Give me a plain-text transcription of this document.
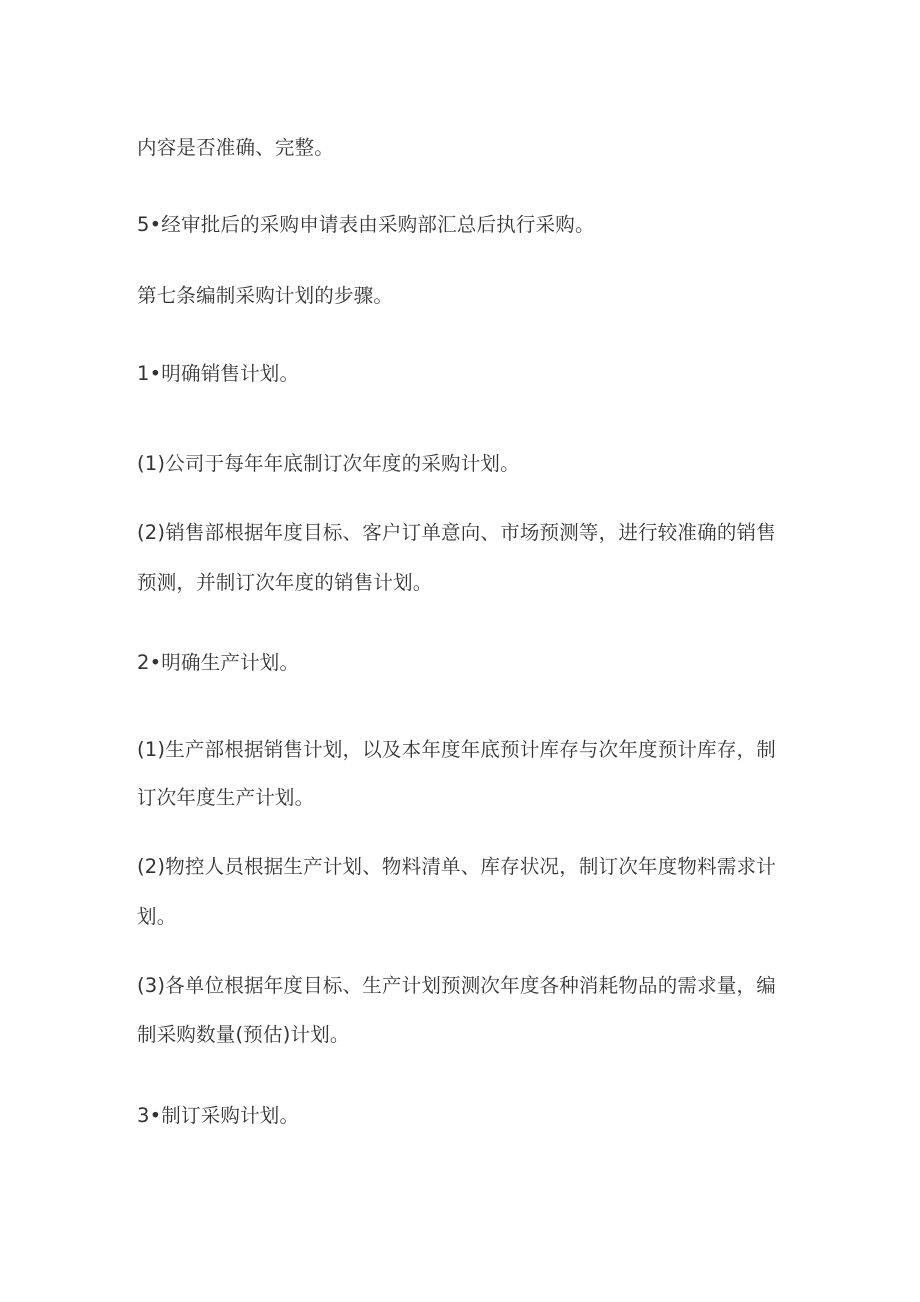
内容是否准确、完整。

5•经审批后的采购申请表由采购部汇总后执行采购。

第七条编制采购计划的步骤。

1•明确销售计划。

(1)公司于每年年底制订次年度的采购计划。

(2)销售部根据年度目标、客户订单意向、市场预测等，进行较准确的销售

预测，并制订次年度的销售计划。

2•明确生产计划。

(1)生产部根据销售计划，以及本年度年底预计库存与次年度预计库存，制

订次年度生产计划。

(2)物控人员根据生产计划、物料清单、库存状况，制订次年度物料需求计

划。

(3)各单位根据年度目标、生产计划预测次年度各种消耗物品的需求量，编

制采购数量(预估)计划。

3•制订采购计划。
